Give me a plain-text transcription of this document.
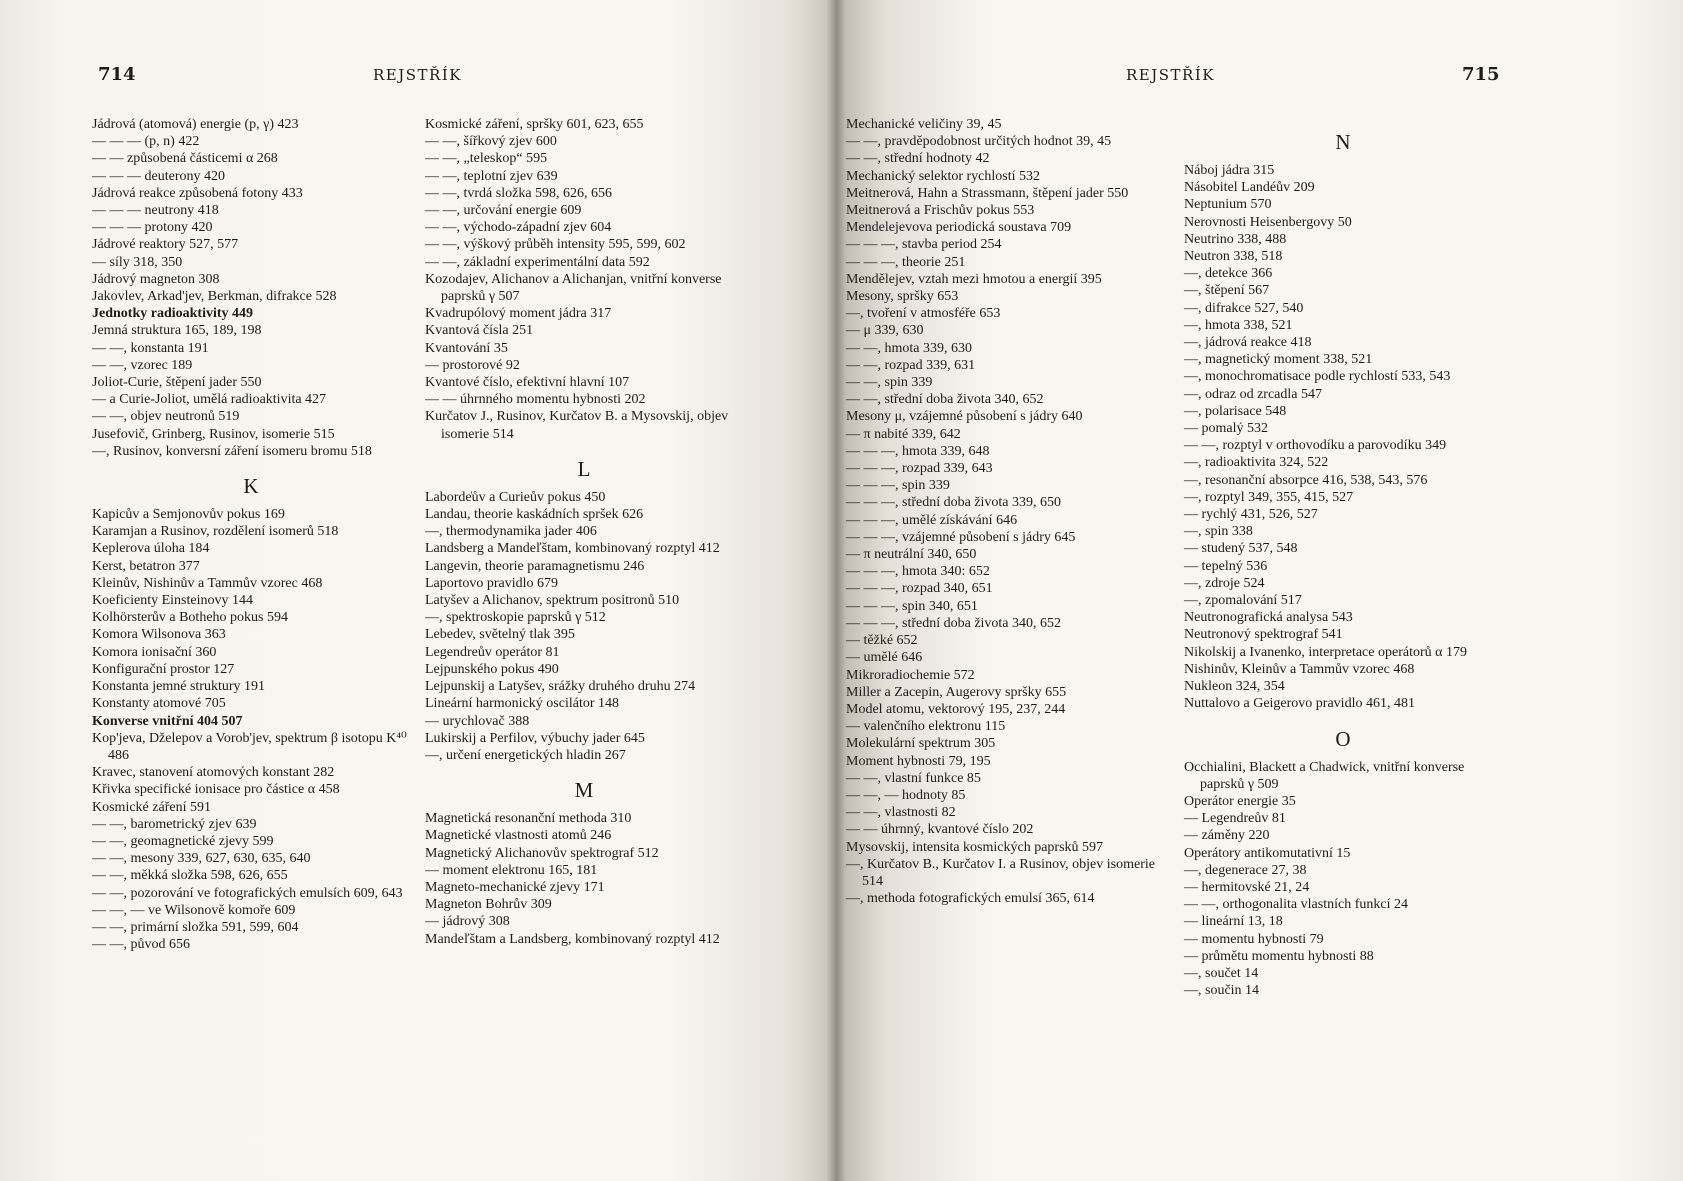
714	REJSTŘÍK
Jádrová (atomová) energie (p, γ) 423
— — — (p, n) 422
— — způsobená částicemi α 268
— — — deuterony 420
Jádrová reakce způsobená fotony 433
— — — neutrony 418
— — — protony 420
Jádrové reaktory 527, 577
— síly 318, 350
Jádrový magneton 308
Jakovlev, Arkad'jev, Berkman, difrakce 528
Jednotky radioaktivity 449
Jemná struktura 165, 189, 198
— —, konstanta 191
— —, vzorec 189
Joliot-Curie, štěpení jader 550
— a Curie-Joliot, umělá radioaktivita 427
— —, objev neutronů 519
Jusefovič, Grinberg, Rusinov, isomerie 515
—, Rusinov, konversní záření isomeru bromu 518
K
Kapicův a Semjonovův pokus 169
Karamjan a Rusinov, rozdělení isomerů 518
Keplerova úloha 184
Kerst, betatron 377
Kleinův, Nishinův a Tammův vzorec 468
Koeficienty Einsteinovy 144
Kolhörsterův a Botheho pokus 594
Komora Wilsonova 363
Komora ionisační 360
Konfigurační prostor 127
Konstanta jemné struktury 191
Konstanty atomové 705
Konverse vnitřní 404 507
Kop'jeva, Dželepov a Vorob'jev, spektrum β isotopu K⁴⁰ 486
Kravec, stanovení atomových konstant 282
Křivka specifické ionisace pro částice α 458
Kosmické záření 591
— —, barometrický zjev 639
— —, geomagnetické zjevy 599
— —, mesony 339, 627, 630, 635, 640
— —, měkká složka 598, 626, 655
— —, pozorování ve fotografických emulsích 609, 643
— —, — ve Wilsonově komoře 609
— —, primární složka 591, 599, 604
— —, původ 656
Kosmické záření, spršky 601, 623, 655
— —, šířkový zjev 600
— —, „teleskop“ 595
— —, teplotní zjev 639
— —, tvrdá složka 598, 626, 656
— —, určování energie 609
— —, východo-západní zjev 604
— —, výškový průběh intensity 595, 599, 602
— —, základní experimentální data 592
Kozodajev, Alichanov a Alichanjan, vnitřní konverse paprsků γ 507
Kvadrupólový moment jádra 317
Kvantová čísla 251
Kvantování 35
— prostorové 92
Kvantové číslo, efektivní hlavní 107
— — úhrnného momentu hybnosti 202
Kurčatov J., Rusinov, Kurčatov B. a Mysovskij, objev isomerie 514
L
Laborde̍ův a Curieův pokus 450
Landau, theorie kaskádních spršek 626
—, thermodynamika jader 406
Landsberg a Mandeľštam, kombinovaný rozptyl 412
Langevin, theorie paramagnetismu 246
Laportovo pravidlo 679
Latyšev a Alichanov, spektrum positronů 510
—, spektroskopie paprsků γ 512
Lebedev, světelný tlak 395
Legendreův operátor 81
Lejpunského pokus 490
Lejpunskij a Latyšev, srážky druhého druhu 274
Lineární harmonický oscilátor 148
— urychlovač 388
Lukirskij a Perfilov, výbuchy jader 645
—, určení energetických hladin 267
M
Magnetická resonanční methoda 310
Magnetické vlastnosti atomů 246
Magnetický Alichanovův spektrograf 512
— moment elektronu 165, 181
Magneto-mechanické zjevy 171
Magneton Bohrův 309
— jádrový 308
Mandeľštam a Landsberg, kombinovaný rozptyl 412
REJSTŘÍK	715
Mechanické veličiny 39, 45
— —, pravděpodobnost určitých hodnot 39, 45
— —, střední hodnoty 42
Mechanický selektor rychlostí 532
Meitnerová, Hahn a Strassmann, štěpení jader 550
Meitnerová a Frischův pokus 553
Mendelejevova periodická soustava 709
— — —, stavba period 254
— — —, theorie 251
Mendělejev, vztah mezi hmotou a energií 395
Mesony, spršky 653
—, tvoření v atmosféře 653
— μ 339, 630
— —, hmota 339, 630
— —, rozpad 339, 631
— —, spin 339
— —, střední doba života 340, 652
Mesony μ, vzájemné působení s jádry 640
— π nabité 339, 642
— — —, hmota 339, 648
— — —, rozpad 339, 643
— — —, spin 339
— — —, střední doba života 339, 650
— — —, umělé získávání 646
— — —, vzájemné působení s jádry 645
— π neutrální 340, 650
— — —, hmota 340: 652
— — —, rozpad 340, 651
— — —, spin 340, 651
— — —, střední doba života 340, 652
— těžké 652
— umělé 646
Mikroradiochemie 572
Miller a Zacepin, Augerovy spršky 655
Model atomu, vektorový 195, 237, 244
— valenčního elektronu 115
Molekulární spektrum 305
Moment hybnosti 79, 195
— —, vlastní funkce 85
— —, — hodnoty 85
— —, vlastnosti 82
— — úhrnný, kvantové číslo 202
Mysovskij, intensita kosmických paprsků 597
—, Kurčatov B., Kurčatov I. a Rusinov, objev isomerie 514
—, methoda fotografických emulsí 365, 614
N
Náboj jádra 315
Násobitel Landéův 209
Neptunium 570
Nerovnosti Heisenbergovy 50
Neutrino 338, 488
Neutron 338, 518
—, detekce 366
—, štěpení 567
—, difrakce 527, 540
—, hmota 338, 521
—, jádrová reakce 418
—, magnetický moment 338, 521
—, monochromatisace podle rychlostí 533, 543
—, odraz od zrcadla 547
—, polarisace 548
— pomalý 532
— —, rozptyl v orthovodíku a parovodíku 349
—, radioaktivita 324, 522
—, resonanční absorpce 416, 538, 543, 576
—, rozptyl 349, 355, 415, 527
— rychlý 431, 526, 527
—, spin 338
— studený 537, 548
— tepelný 536
—, zdroje 524
—, zpomalování 517
Neutronografická analysa 543
Neutronový spektrograf 541
Nikolskij a Ivanenko, interpretace operátorů α 179
Nishinův, Kleinův a Tammův vzorec 468
Nukleon 324, 354
Nuttalovo a Geigerovo pravidlo 461, 481
O
Occhialini, Blackett a Chadwick, vnitřní konverse paprsků γ 509
Operátor energie 35
— Legendreův 81
— záměny 220
Operátory antikomutativní 15
—, degenerace 27, 38
— hermitovské 21, 24
— —, orthogonalita vlastních funkcí 24
— lineární 13, 18
— momentu hybnosti 79
— průmětu momentu hybnosti 88
—, součet 14
—, součin 14
